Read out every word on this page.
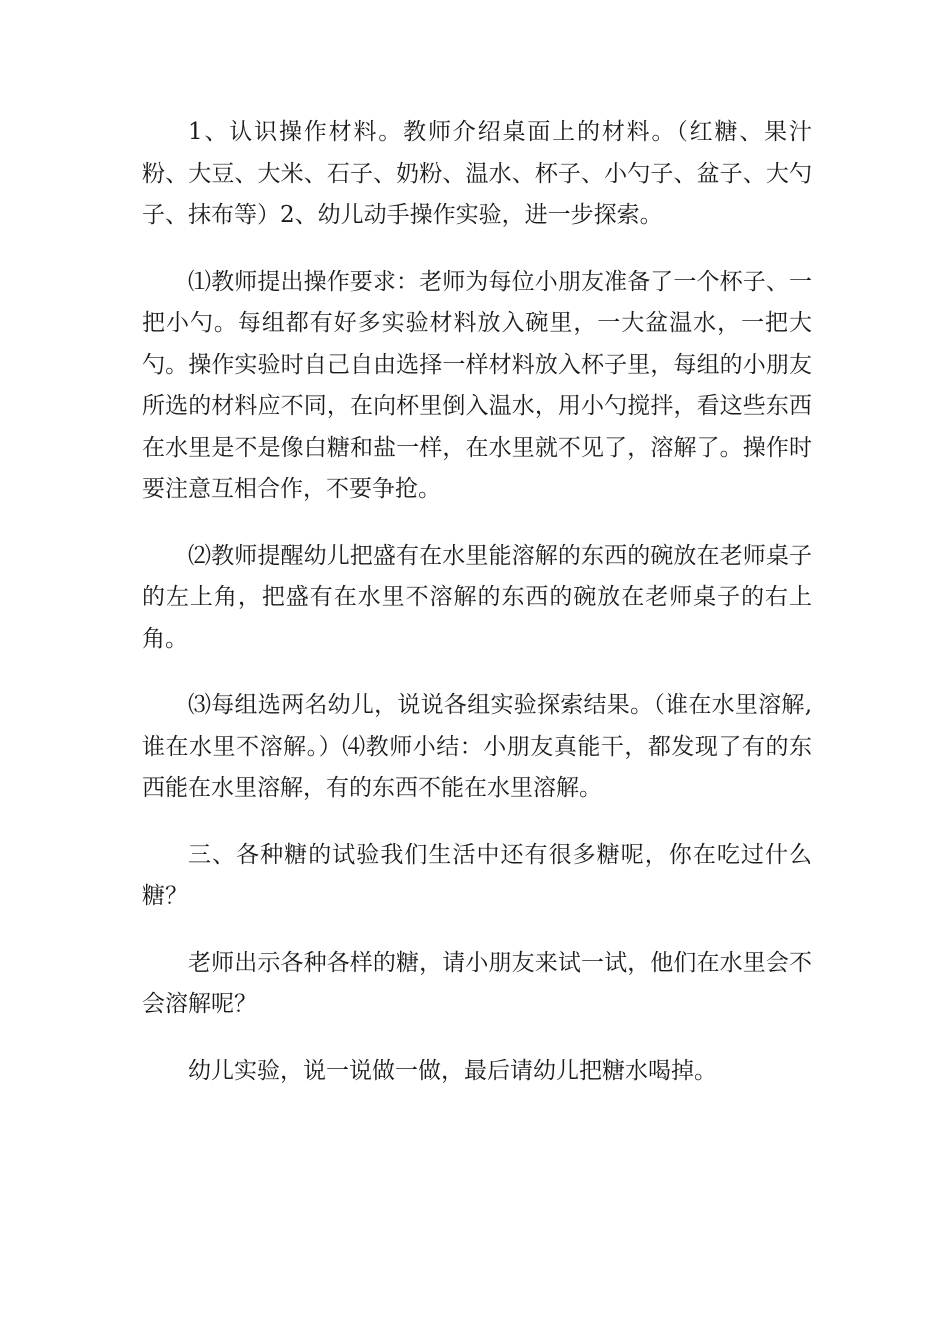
1、认识操作材料。教师介绍桌面上的材料。（红糖、果汁粉、大豆、大米、石子、奶粉、温水、杯子、小勺子、盆子、大勺子、抹布等）2、幼儿动手操作实验，进一步探索。

⑴教师提出操作要求：老师为每位小朋友准备了一个杯子、一把小勺。每组都有好多实验材料放入碗里，一大盆温水，一把大勺。操作实验时自己自由选择一样材料放入杯子里，每组的小朋友所选的材料应不同，在向杯里倒入温水，用小勺搅拌，看这些东西在水里是不是像白糖和盐一样，在水里就不见了，溶解了。操作时要注意互相合作，不要争抢。

⑵教师提醒幼儿把盛有在水里能溶解的东西的碗放在老师桌子的左上角，把盛有在水里不溶解的东西的碗放在老师桌子的右上角。

⑶每组选两名幼儿，说说各组实验探索结果。（谁在水里溶解,谁在水里不溶解。）⑷教师小结：小朋友真能干，都发现了有的东西能在水里溶解，有的东西不能在水里溶解。

三、各种糖的试验我们生活中还有很多糖呢，你在吃过什么糖？

老师出示各种各样的糖，请小朋友来试一试，他们在水里会不会溶解呢？

幼儿实验，说一说做一做，最后请幼儿把糖水喝掉。
